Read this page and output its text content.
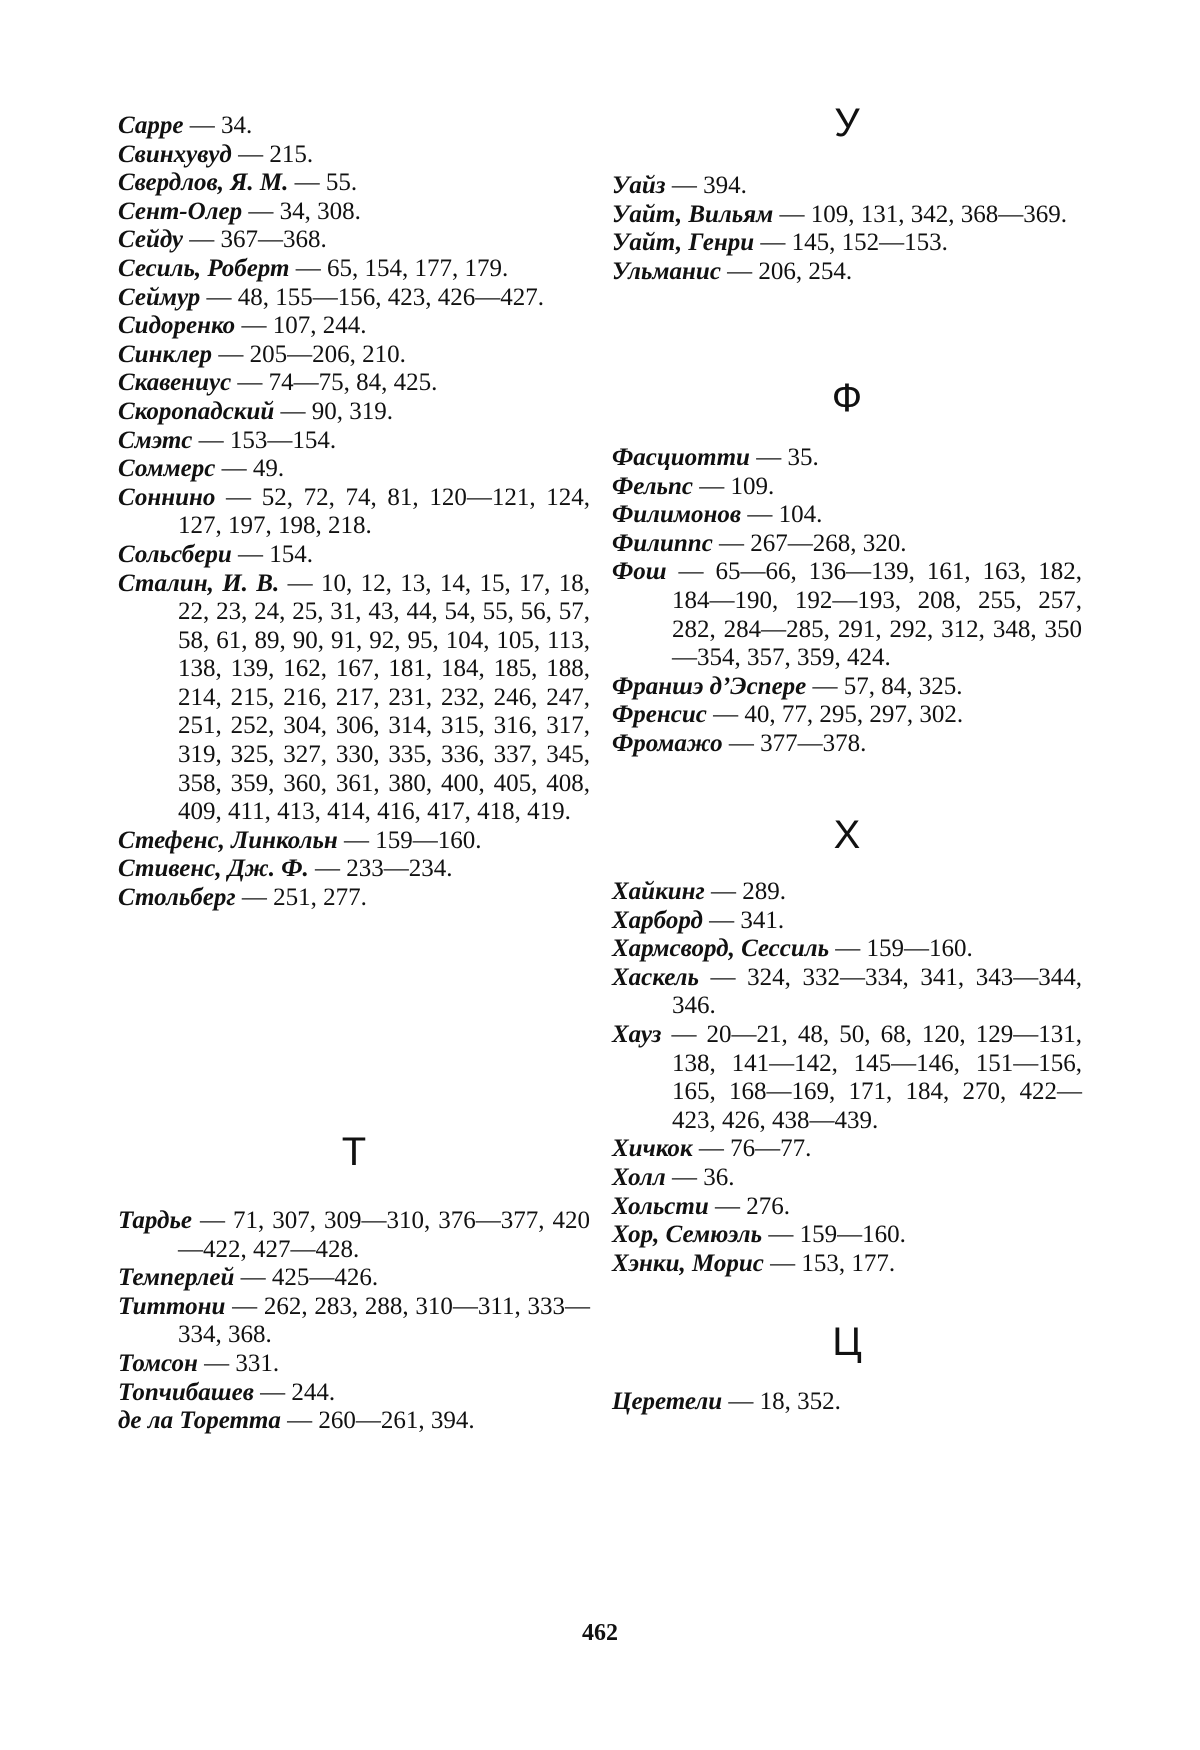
Сарре — 34.
Свинхувуд — 215.
Свердлов, Я. М. — 55.
Сент-Олер — 34, 308.
Сейду — 367—368.
Сесиль, Роберт — 65, 154, 177, 179.
Сеймур — 48, 155—156, 423, 426—427.
Сидоренко — 107, 244.
Синклер — 205—206, 210.
Скавениус — 74—75, 84, 425.
Скоропадский — 90, 319.
Смэтс — 153—154.
Соммерс — 49.
Соннино — 52, 72, 74, 81, 120—121, 124, 127, 197, 198, 218.
Сольсбери — 154.
Сталин, И. В. — 10, 12, 13, 14, 15, 17, 18, 22, 23, 24, 25, 31, 43, 44, 54, 55, 56, 57, 58, 61, 89, 90, 91, 92, 95, 104, 105, 113, 138, 139, 162, 167, 181, 184, 185, 188, 214, 215, 216, 217, 231, 232, 246, 247, 251, 252, 304, 306, 314, 315, 316, 317, 319, 325, 327, 330, 335, 336, 337, 345, 358, 359, 360, 361, 380, 400, 405, 408, 409, 411, 413, 414, 416, 417, 418, 419.
Стефенс, Линкольн — 159—160.
Стивенс, Дж. Ф. — 233—234.
Стольберг — 251, 277.
Т
Тардье — 71, 307, 309—310, 376—377, 420—422, 427—428.
Темперлей — 425—426.
Титтони — 262, 283, 288, 310—311, 333—334, 368.
Томсон — 331.
Топчибашев — 244.
де ла Торетта — 260—261, 394.
У
Уайз — 394.
Уайт, Вильям — 109, 131, 342, 368—369.
Уайт, Генри — 145, 152—153.
Ульманис — 206, 254.
Ф
Фасциотти — 35.
Фельпс — 109.
Филимонов — 104.
Филиппс — 267—268, 320.
Фош — 65—66, 136—139, 161, 163, 182, 184—190, 192—193, 208, 255, 257, 282, 284—285, 291, 292, 312, 348, 350—354, 357, 359, 424.
Франшэ д’Эспере — 57, 84, 325.
Френсис — 40, 77, 295, 297, 302.
Фромажо — 377—378.
Х
Хайкинг — 289.
Харборд — 341.
Хармсворд, Сессиль — 159—160.
Хаскель — 324, 332—334, 341, 343—344, 346.
Хауз — 20—21, 48, 50, 68, 120, 129—131, 138, 141—142, 145—146, 151—156, 165, 168—169, 171, 184, 270, 422—423, 426, 438—439.
Хичкок — 76—77.
Холл — 36.
Хольсти — 276.
Хор, Семюэль — 159—160.
Хэнки, Морис — 153, 177.
Ц
Церетели — 18, 352.
462
